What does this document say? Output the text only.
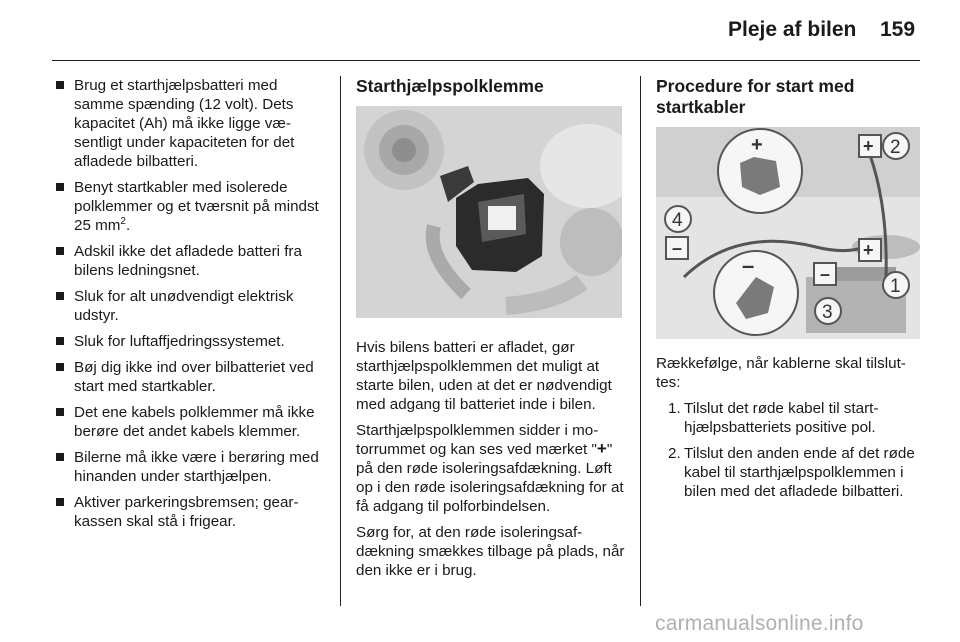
Pleje af bilen 159
Brug et starthjælpsbatteri med samme spænding (12 volt). Dets kapacitet (Ah) må ikke ligge væsentligt under kapaciteten for det afladede bilbatteri.
Benyt startkabler med isolerede polklemmer og et tværsnit på mindst 25 $mm^2$.
Adskil ikke det afladede batteri fra bilens ledningsnet.
Sluk for alt unødvendigt elektrisk udstyr.
Sluk for luftaffjedringssystemet.
Bøj dig ikke ind over bilbatteriet ved start med startkabler.
Det ene kabels polklemmer må ikke berøre det andet kabels klemmer.
Bilerne må ikke være i berøring med hinanden under starthjælpen.
Aktiver parkeringsbremsen; gearkassen skal stå i frigear.
Starthjælpspolklemme

Hvis bilens batteri er afladet, gør starthjælpspolklemmen det muligt at starte bilen, uden at det er nødvendigt med adgang til batteriet inde i bilen.

Starthjælpspolklemmen sidder i motorrummet og kan ses ved mærket "+" på den røde isoleringsafdækning. Løft op i den røde isoleringsafdækning for at få adgang til polforbindelsen.

Sørg for, at den røde isoleringsafdækning smækkes tilbage på plads, når den ikke er i brug.

Procedure for start med startkabler
+
–
+
+
–
–
1
2
3
4

Rækkefølge, når kablerne skal tilsluttes:

1. Tilslut det røde kabel til starthjælpsbatteriets positive pol.
2. Tilslut den anden ende af det røde kabel til starthjælpspolklemmen i bilen med det afladede bilbatteri.
carmanualsonline.info
